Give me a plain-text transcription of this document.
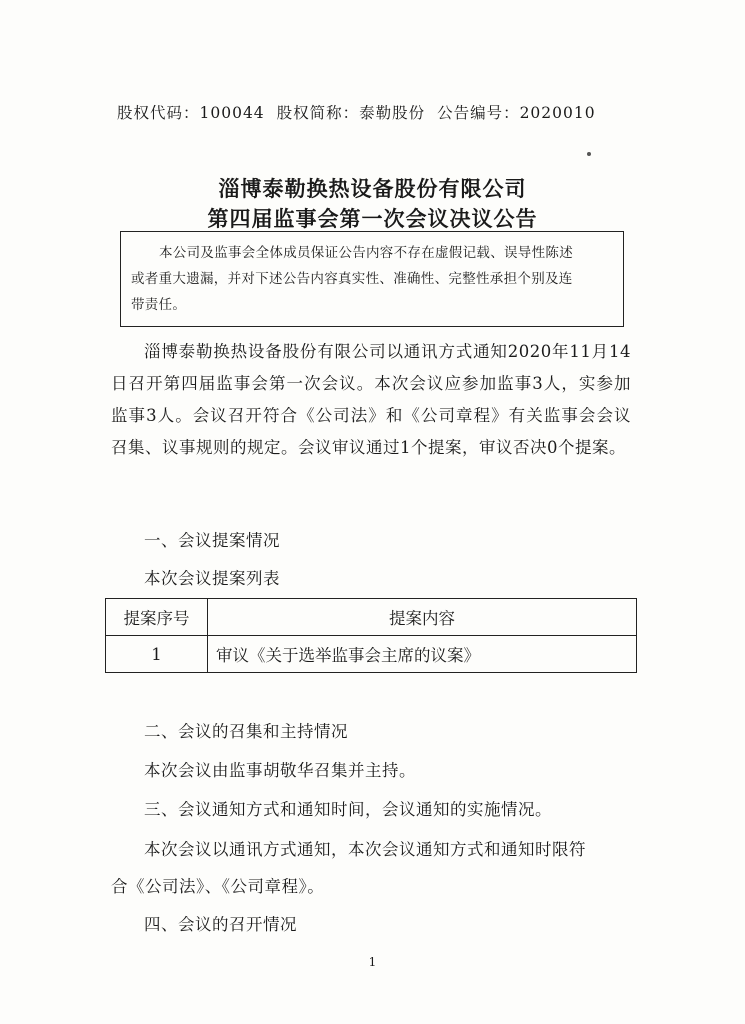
股权代码：100044 股权简称：泰勒股份 公告编号：2020010
淄博泰勒换热设备股份有限公司
第四届监事会第一次会议决议公告
本公司及监事会全体成员保证公告内容不存在虚假记载、误导性陈述
或者重大遗漏，并对下述公告内容真实性、准确性、完整性承担个别及连
带责任。
淄博泰勒换热设备股份有限公司以通讯方式通知2020年11月14日召开第四届监事会第一次会议。本次会议应参加监事3人，实参加监事3人。会议召开符合《公司法》和《公司章程》有关监事会会议召集、议事规则的规定。会议审议通过1个提案，审议否决0个提案。
一、会议提案情况
本次会议提案列表
提案序号	提案内容
1	审议《关于选举监事会主席的议案》
二、会议的召集和主持情况
本次会议由监事胡敬华召集并主持。
三、会议通知方式和通知时间，会议通知的实施情况。
本次会议以通讯方式通知，本次会议通知方式和通知时限符
合《公司法》、《公司章程》。
四、会议的召开情况
1
